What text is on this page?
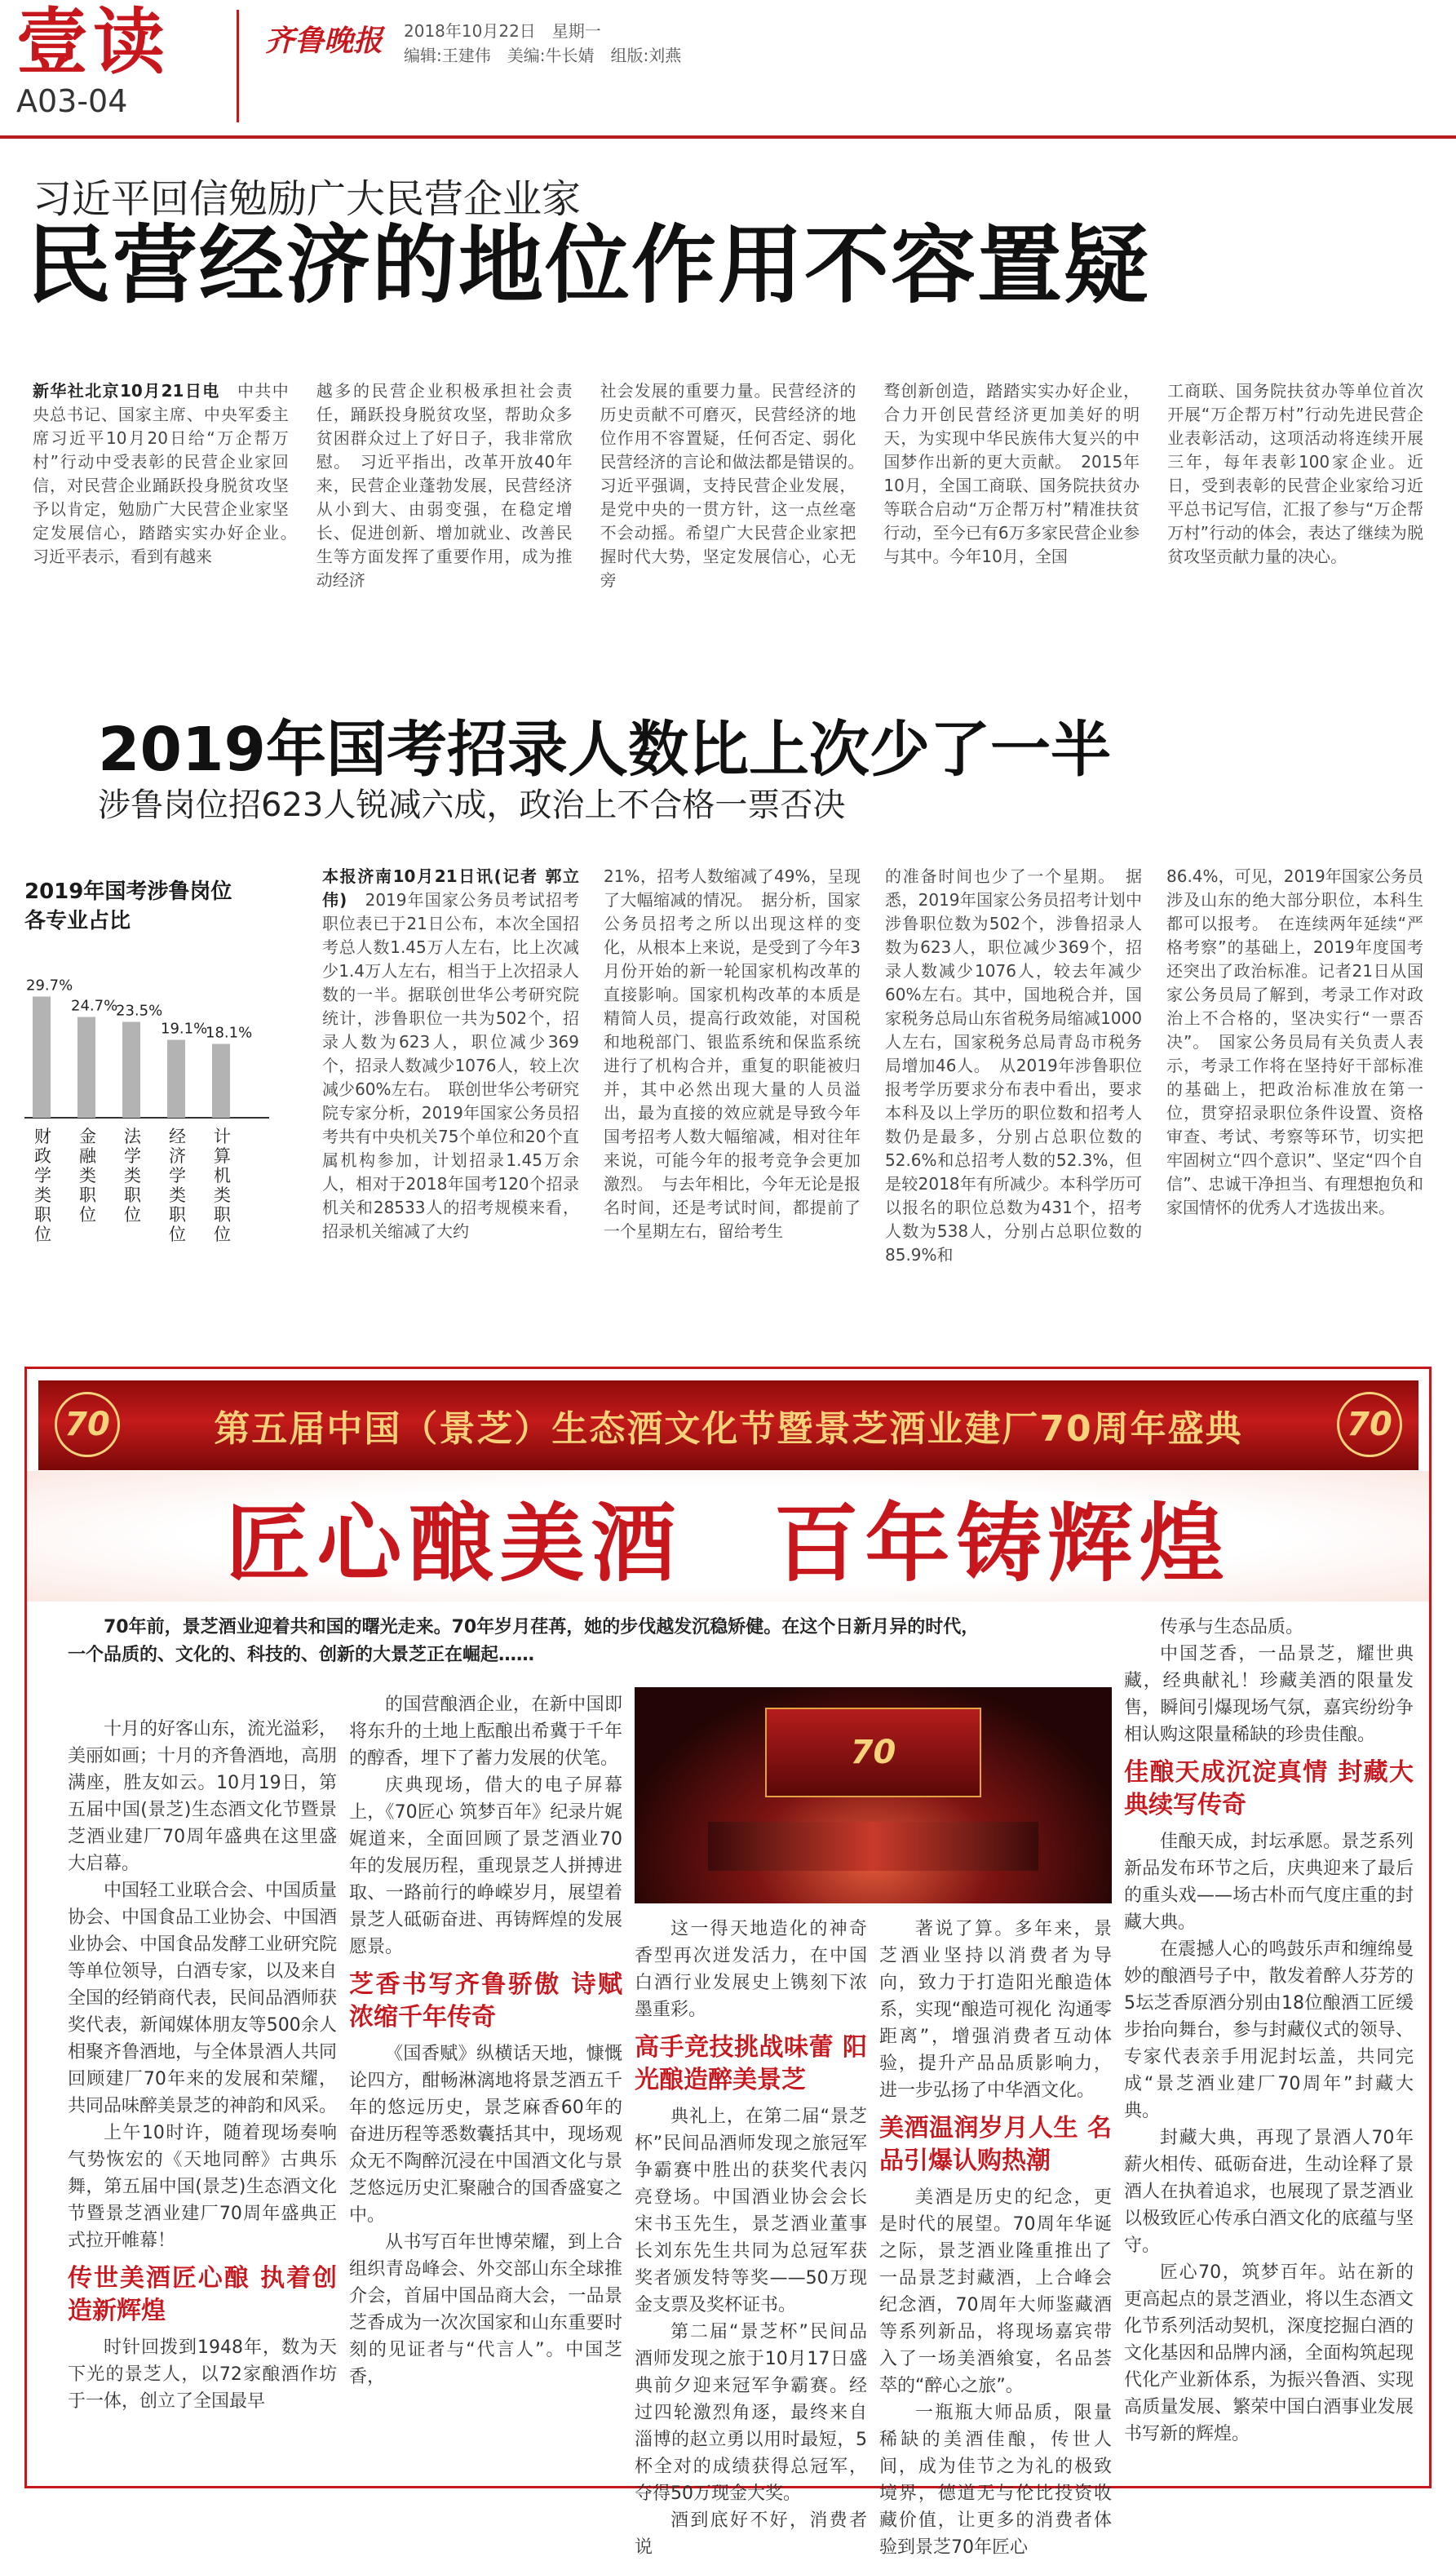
壹读
A03-04
齐鲁晚报 2018年10月22日　星期一
编辑:王建伟　美编:牛长婧　组版:刘燕
习近平回信勉励广大民营企业家
民营经济的地位作用不容置疑
新华社北京10月21日电　中共中央总书记、国家主席、中央军委主席习近平10月20日给“万企帮万村”行动中受表彰的民营企业家回信，对民营企业踊跃投身脱贫攻坚予以肯定，勉励广大民营企业家坚定发展信心，踏踏实实办好企业。　习近平表示，看到有越来
越多的民营企业积极承担社会责任，踊跃投身脱贫攻坚，帮助众多贫困群众过上了好日子，我非常欣慰。　习近平指出，改革开放40年来，民营企业蓬勃发展，民营经济从小到大、由弱变强，在稳定增长、促进创新、增加就业、改善民生等方面发挥了重要作用，成为推动经济
社会发展的重要力量。民营经济的历史贡献不可磨灭，民营经济的地位作用不容置疑，任何否定、弱化民营经济的言论和做法都是错误的。　习近平强调，支持民营企业发展，是党中央的一贯方针，这一点丝毫不会动摇。希望广大民营企业家把握时代大势，坚定发展信心，心无旁
骛创新创造，踏踏实实办好企业，合力开创民营经济更加美好的明天，为实现中华民族伟大复兴的中国梦作出新的更大贡献。　2015年10月，全国工商联、国务院扶贫办等联合启动“万企帮万村”精准扶贫行动，至今已有6万多家民营企业参与其中。今年10月，全国
工商联、国务院扶贫办等单位首次开展“万企帮万村”行动先进民营企业表彰活动，这项活动将连续开展三年，每年表彰100家企业。近日，受到表彰的民营企业家给习近平总书记写信，汇报了参与“万企帮万村”行动的体会，表达了继续为脱贫攻坚贡献力量的决心。
2019年国考招录人数比上次少了一半
涉鲁岗位招623人锐减六成，政治上不合格一票否决
2019年国考涉鲁岗位各专业占比
29.7%
财
政
学
类
职
位
24.7%
金
融
类
职
位
23.5%
法
学
类
职
位
19.1%
经
济
学
类
职
位
18.1%
计
算
机
类
职
位
本报济南10月21日讯(记者 郭立伟)　2019年国家公务员考试招考职位表已于21日公布，本次全国招考总人数1.45万人左右，比上次减少1.4万人左右，相当于上次招录人数的一半。据联创世华公考研究院统计，涉鲁职位一共为502个，招录人数为623人，职位减少369个，招录人数减少1076人，较上次减少60%左右。　联创世华公考研究院专家分析，2019年国家公务员招考共有中央机关75个单位和20个直属机构参加，计划招录1.45万余人，相对于2018年国考120个招录机关和28533人的招考规模来看，招录机关缩减了大约
21%，招考人数缩减了49%，呈现了大幅缩减的情况。　据分析，国家公务员招考之所以出现这样的变化，从根本上来说，是受到了今年3月份开始的新一轮国家机构改革的直接影响。国家机构改革的本质是精简人员，提高行政效能，对国税和地税部门、银监系统和保监系统进行了机构合并，重复的职能被归并，其中必然出现大量的人员溢出，最为直接的效应就是导致今年国考招考人数大幅缩减，相对往年来说，可能今年的报考竞争会更加激烈。　与去年相比，今年无论是报名时间，还是考试时间，都提前了一个星期左右，留给考生
的准备时间也少了一个星期。　据悉，2019年国家公务员招考计划中涉鲁职位数为502个，涉鲁招录人数为623人，职位减少369个，招录人数减少1076人，较去年减少60%左右。其中，国地税合并，国家税务总局山东省税务局缩减1000人左右，国家税务总局青岛市税务局增加46人。　从2019年涉鲁职位报考学历要求分布表中看出，要求本科及以上学历的职位数和招考人数仍是最多，分别占总职位数的52.6%和总招考人数的52.3%，但是较2018年有所减少。本科学历可以报名的职位总数为431个，招考人数为538人，分别占总职位数的85.9%和
86.4%，可见，2019年国家公务员涉及山东的绝大部分职位，本科生都可以报考。　在连续两年延续“严格考察”的基础上，2019年度国考还突出了政治标准。记者21日从国家公务员局了解到，考录工作对政治上不合格的，坚决实行“一票否决”。　国家公务员局有关负责人表示，考录工作将在坚持好干部标准的基础上，把政治标准放在第一位，贯穿招录职位条件设置、资格审查、考试、考察等环节，切实把牢固树立“四个意识”、坚定“四个自信”、忠诚干净担当、有理想抱负和家国情怀的优秀人才选拔出来。
70	第五届中国（景芝）生态酒文化节暨景芝酒业建厂70周年盛典	70
匠心酿美酒　百年铸辉煌
70年前，景芝酒业迎着共和国的曙光走来。70年岁月荏苒，她的步伐越发沉稳矫健。在这个日新月异的时代，一个品质的、文化的、科技的、创新的大景芝正在崛起……
十月的好客山东，流光溢彩，美丽如画；十月的齐鲁酒地，高朋满座，胜友如云。10月19日，第五届中国(景芝)生态酒文化节暨景芝酒业建厂70周年盛典在这里盛大启幕。
中国轻工业联合会、中国质量协会、中国食品工业协会、中国酒业协会、中国食品发酵工业研究院等单位领导，白酒专家，以及来自全国的经销商代表，民间品酒师获奖代表，新闻媒体朋友等500余人相聚齐鲁酒地，与全体景酒人共同回顾建厂70年来的发展和荣耀，共同品味醉美景芝的神韵和风采。
上午10时许，随着现场奏响气势恢宏的《天地同醉》古典乐舞，第五届中国(景芝)生态酒文化节暨景芝酒业建厂70周年盛典正式拉开帷幕！
传世美酒匠心酿 执着创造新辉煌
时针回拨到1948年，数为天下光的景芝人，以72家酿酒作坊于一体，创立了全国最早
的国营酿酒企业，在新中国即将东升的土地上酝酿出希冀于千年的醇香，埋下了蓄力发展的伏笔。
庆典现场，借大的电子屏幕上，《70匠心 筑梦百年》纪录片娓娓道来，全面回顾了景芝酒业70年的发展历程，重现景芝人拼搏进取、一路前行的峥嵘岁月，展望着景芝人砥砺奋进、再铸辉煌的发展愿景。
芝香书写齐鲁骄傲 诗赋浓缩千年传奇
《国香赋》纵横话天地，慷慨论四方，酣畅淋漓地将景芝酒五千年的悠远历史，景芝麻香60年的奋进历程等悉数囊括其中，现场观众无不陶醉沉浸在中国酒文化与景芝悠远历史汇聚融合的国香盛宴之中。
从书写百年世博荣耀，到上合组织青岛峰会、外交部山东全球推介会，首届中国品商大会，一品景芝香成为一次次国家和山东重要时刻的见证者与“代言人”。中国芝香，
70
这一得天地造化的神奇香型再次迸发活力，在中国白酒行业发展史上镌刻下浓墨重彩。
高手竞技挑战味蕾 阳光酿造醉美景芝
典礼上，在第二届“景芝杯”民间品酒师发现之旅冠军争霸赛中胜出的获奖代表闪亮登场。中国酒业协会会长宋书玉先生，景芝酒业董事长刘东先生共同为总冠军获奖者颁发特等奖——50万现金支票及奖杯证书。
第二届“景芝杯”民间品酒师发现之旅于10月17日盛典前夕迎来冠军争霸赛。经过四轮激烈角逐，最终来自淄博的赵立勇以用时最短，5杯全对的成绩获得总冠军，夺得50万现金大奖。
酒到底好不好，消费者说
著说了算。多年来，景芝酒业坚持以消费者为导向，致力于打造阳光酿造体系，实现“酿造可视化 沟通零距离”，增强消费者互动体验，提升产品品质影响力，进一步弘扬了中华酒文化。
美酒温润岁月人生 名品引爆认购热潮
美酒是历史的纪念，更是时代的展望。70周年华诞之际，景芝酒业隆重推出了一品景芝封藏酒，上合峰会纪念酒，70周年大师鉴藏酒等系列新品，将现场嘉宾带入了一场美酒飨宴，名品荟萃的“醉心之旅”。
一瓶瓶大师品质，限量稀缺的美酒佳酿，传世人间，成为佳节之为礼的极致境界，德道无与伦比投资收藏价值，让更多的消费者体验到景芝70年匠心
传承与生态品质。
中国芝香，一品景芝，耀世典藏，经典献礼！珍藏美酒的限量发售，瞬间引爆现场气氛，嘉宾纷纷争相认购这限量稀缺的珍贵佳酿。
佳酿天成沉淀真情 封藏大典续写传奇
佳酿天成，封坛承愿。景芝系列新品发布环节之后，庆典迎来了最后的重头戏——场古朴而气度庄重的封藏大典。
在震撼人心的鸣鼓乐声和缠绵曼妙的酿酒号子中，散发着醉人芬芳的5坛芝香原酒分别由18位酿酒工匠缓步抬向舞台，参与封藏仪式的领导、专家代表亲手用泥封坛盖，共同完成“景芝酒业建厂70周年”封藏大典。
封藏大典，再现了景酒人70年薪火相传、砥砺奋进，生动诠释了景酒人在执着追求，也展现了景芝酒业以极致匠心传承白酒文化的底蕴与坚守。
匠心70，筑梦百年。站在新的更高起点的景芝酒业，将以生态酒文化节系列活动契机，深度挖掘白酒的文化基因和品牌内涵，全面构筑起现代化产业新体系，为振兴鲁酒、实现高质量发展、繁荣中国白酒事业发展书写新的辉煌。
